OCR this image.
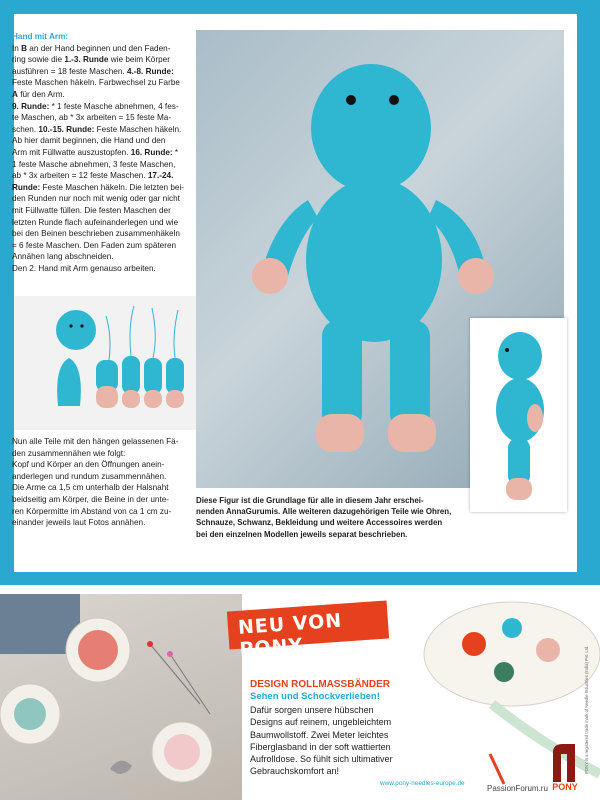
Hand mit Arm:
In B an der Hand beginnen und den Faden-
ring sowie die 1.-3. Runde wie beim Körper
ausführen = 18 feste Maschen. 4.-8. Runde:
Feste Maschen häkeln. Farbwechsel zu Farbe
A für den Arm.
9. Runde: * 1 feste Masche abnehmen, 4 fes-
te Maschen, ab * 3x arbeiten = 15 feste Ma-
schen. 10.-15. Runde: Feste Maschen häkeln.
Ab hier damit beginnen, die Hand und den
Arm mit Füllwatte auszustopfen. 16. Runde: *
1 feste Masche abnehmen, 3 feste Maschen,
ab * 3x arbeiten = 12 feste Maschen. 17.-24.
Runde: Feste Maschen häkeln. Die letzten bei-
den Runden nur noch mit wenig oder gar nicht
mit Füllwatte füllen. Die festen Maschen der
letzten Runde flach aufeinanderlegen und wie
bei den Beinen beschrieben zusammenhäkeln
= 6 feste Maschen. Den Faden zum späteren
Annähen lang abschneiden.
Den 2. Hand mit Arm genauso arbeiten.
Nun alle Teile mit den hängen gelassenen Fä-
den zusammennähen wie folgt:
Kopf und Körper an den Öffnungen anein-
anderlegen und rundum zusammennähen.
Die Arme ca 1,5 cm unterhalb der Halsnaht
beidseitig am Körper, die Beine in der unte-
ren Körpermitte im Abstand von ca 1 cm zu-
einander jeweils laut Fotos annähen.
Diese Figur ist die Grundlage für alle in diesem Jahr erschei-
nenden AnnaGurumis. Alle weiteren dazugehörigen Teile wie Ohren,
Schnauze, Schwanz, Bekleidung und weitere Accessoires werden
bei den einzelnen Modellen jeweils separat beschrieben.
NEU VON PONY
DESIGN ROLLMASSBÄNDER
Sehen und Schockverlieben!
Dafür sorgen unsere hübschen
Designs auf reinem, ungebleichtem
Baumwollstoff. Zwei Meter leichtes
Fiberglasband in der soft wattierten
Aufrolldose. So fühlt sich ultimativer
Gebrauchskomfort an!
www.pony-needles-europe.de	PONY
PONY is a registered trade mark of Needle Industries (India) Pvt. Ltd.
PassionForum.ru
